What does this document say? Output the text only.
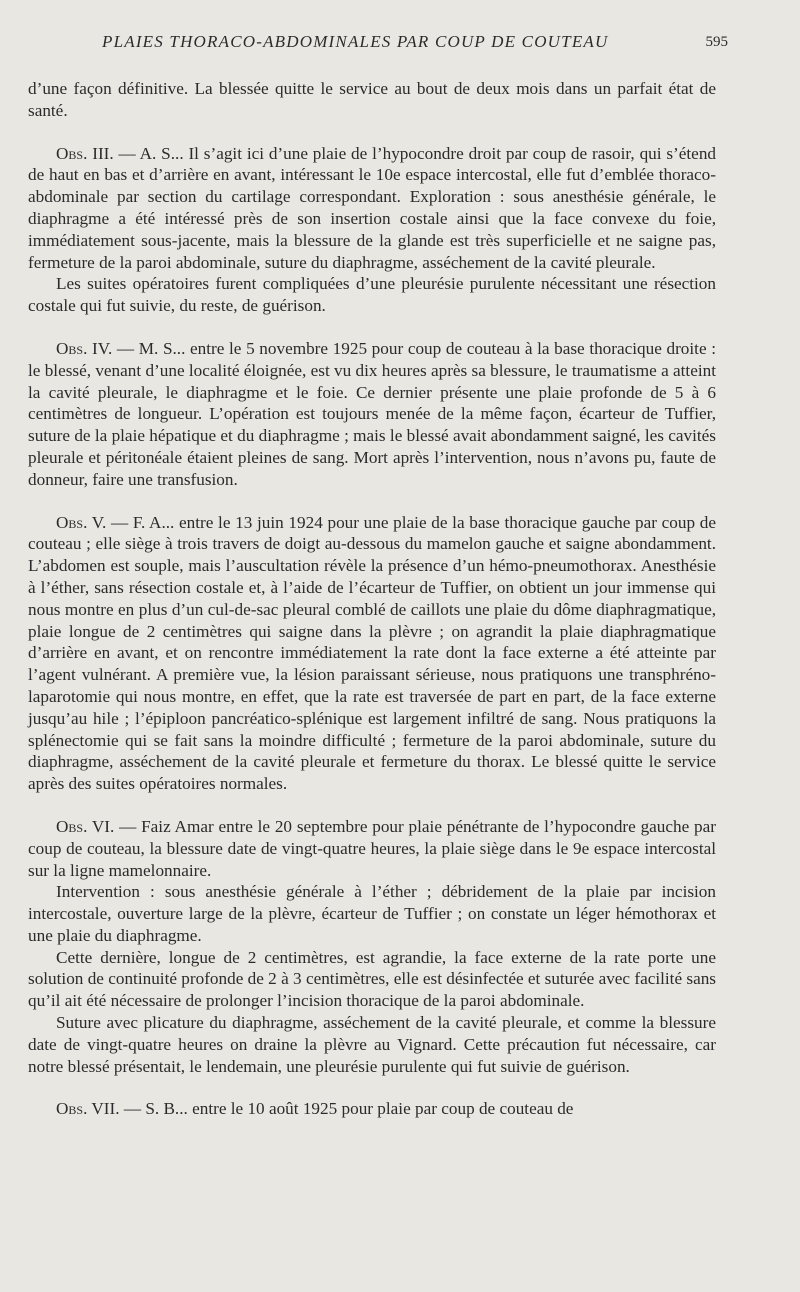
PLAIES THORACO-ABDOMINALES PAR COUP DE COUTEAU	595

d’une façon définitive. La blessée quitte le service au bout de deux mois dans un parfait état de santé.

Obs. III. — A. S... Il s’agit ici d’une plaie de l’hypocondre droit par coup de rasoir, qui s’étend de haut en bas et d’arrière en avant, intéressant le 10e espace intercostal, elle fut d’emblée thoraco-abdominale par section du cartilage correspondant. Exploration : sous anesthésie générale, le diaphragme a été intéressé près de son insertion costale ainsi que la face convexe du foie, immédiatement sous-jacente, mais la blessure de la glande est très superficielle et ne saigne pas, fermeture de la paroi abdominale, suture du diaphragme, asséchement de la cavité pleurale.

Les suites opératoires furent compliquées d’une pleurésie purulente nécessitant une résection costale qui fut suivie, du reste, de guérison.

Obs. IV. — M. S... entre le 5 novembre 1925 pour coup de couteau à la base thoracique droite : le blessé, venant d’une localité éloignée, est vu dix heures après sa blessure, le traumatisme a atteint la cavité pleurale, le diaphragme et le foie. Ce dernier présente une plaie profonde de 5 à 6 centimètres de longueur. L’opération est toujours menée de la même façon, écarteur de Tuffier, suture de la plaie hépatique et du diaphragme ; mais le blessé avait abondamment saigné, les cavités pleurale et péritonéale étaient pleines de sang. Mort après l’intervention, nous n’avons pu, faute de donneur, faire une transfusion.

Obs. V. — F. A... entre le 13 juin 1924 pour une plaie de la base thoracique gauche par coup de couteau ; elle siège à trois travers de doigt au-dessous du mamelon gauche et saigne abondamment. L’abdomen est souple, mais l’auscultation révèle la présence d’un hémo-pneumothorax. Anesthésie à l’éther, sans résection costale et, à l’aide de l’écarteur de Tuffier, on obtient un jour immense qui nous montre en plus d’un cul-de-sac pleural comblé de caillots une plaie du dôme diaphragmatique, plaie longue de 2 centimètres qui saigne dans la plèvre ; on agrandit la plaie diaphragmatique d’arrière en avant, et on rencontre immédiatement la rate dont la face externe a été atteinte par l’agent vulnérant. A première vue, la lésion paraissant sérieuse, nous pratiquons une transphréno-laparotomie qui nous montre, en effet, que la rate est traversée de part en part, de la face externe jusqu’au hile ; l’épiploon pancréatico-splénique est largement infiltré de sang. Nous pratiquons la splénectomie qui se fait sans la moindre difficulté ; fermeture de la paroi abdominale, suture du diaphragme, asséchement de la cavité pleurale et fermeture du thorax. Le blessé quitte le service après des suites opératoires normales.

Obs. VI. — Faiz Amar entre le 20 septembre pour plaie pénétrante de l’hypocondre gauche par coup de couteau, la blessure date de vingt-quatre heures, la plaie siège dans le 9e espace intercostal sur la ligne mamelonnaire.

Intervention : sous anesthésie générale à l’éther ; débridement de la plaie par incision intercostale, ouverture large de la plèvre, écarteur de Tuffier ; on constate un léger hémothorax et une plaie du diaphragme.

Cette dernière, longue de 2 centimètres, est agrandie, la face externe de la rate porte une solution de continuité profonde de 2 à 3 centimètres, elle est désinfectée et suturée avec facilité sans qu’il ait été nécessaire de prolonger l’incision thoracique de la paroi abdominale.

Suture avec plicature du diaphragme, asséchement de la cavité pleurale, et comme la blessure date de vingt-quatre heures on draine la plèvre au Vignard. Cette précaution fut nécessaire, car notre blessé présentait, le lendemain, une pleurésie purulente qui fut suivie de guérison.

Obs. VII. — S. B... entre le 10 août 1925 pour plaie par coup de couteau de
